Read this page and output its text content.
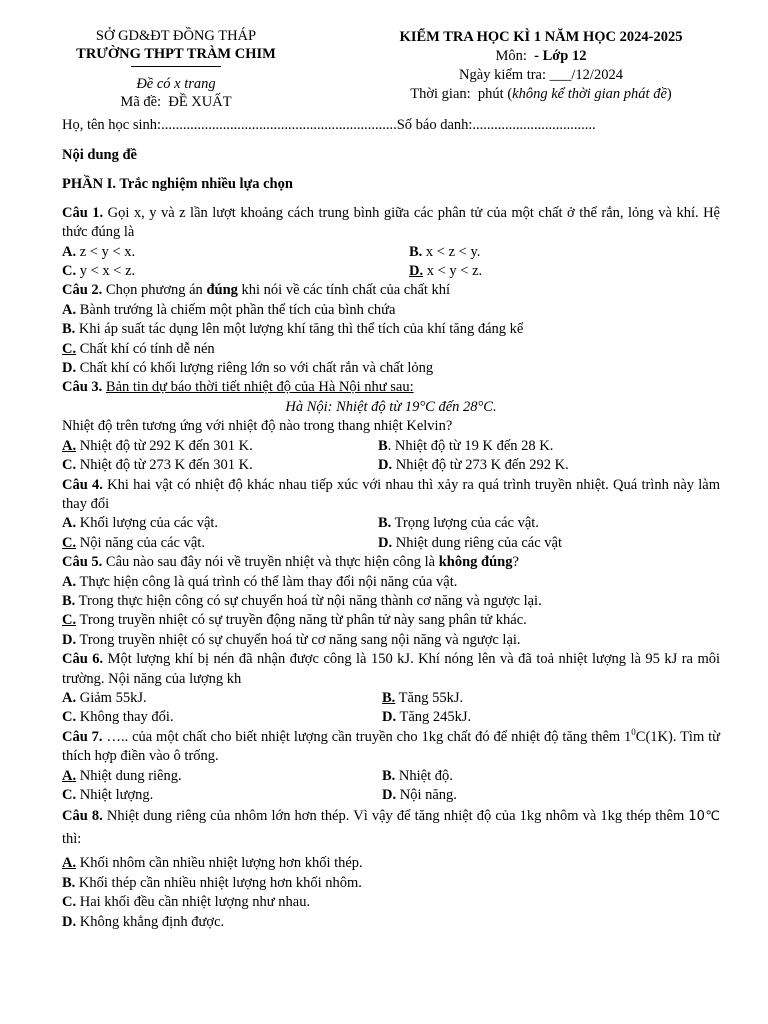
SỞ GD&ĐT ĐỒNG THÁP
TRƯỜNG THPT TRÀM CHIM
Đề có x trang
Mã đề: ĐỀ XUẤT
KIỂM TRA HỌC KÌ 1 NĂM HỌC 2024-2025
Môn: - Lớp 12
Ngày kiểm tra: ___/12/2024
Thời gian: phút (không kể thời gian phát đề)
Họ, tên học sinh:.................................................................Số báo danh:..................................

Nội dung đề

PHẦN I. Trắc nghiệm nhiều lựa chọn

Câu 1. Gọi x, y và z lần lượt khoảng cách trung bình giữa các phân tử của một chất ở thể rắn, lỏng và khí. Hệ thức đúng là

A. z < y < x.	B. x < z < y.
C. y < x < z.	D. x < y < z.

Câu 2. Chọn phương án đúng khi nói về các tính chất của chất khí

A. Bành trướng là chiếm một phần thể tích của bình chứa

B. Khi áp suất tác dụng lên một lượng khí tăng thì thể tích của khí tăng đáng kể

C. Chất khí có tính dễ nén

D. Chất khí có khối lượng riêng lớn so với chất rắn và chất lỏng

Câu 3. Bản tin dự báo thời tiết nhiệt độ của Hà Nội như sau:

Hà Nội: Nhiệt độ từ 19°C đến 28°C.

Nhiệt độ trên tương ứng với nhiệt độ nào trong thang nhiệt Kelvin?

A. Nhiệt độ từ 292 K đến 301 K.	B. Nhiệt độ từ 19 K đến 28 K.
C. Nhiệt độ từ 273 K đến 301 K.	D. Nhiệt độ từ 273 K đến 292 K.

Câu 4. Khi hai vật có nhiệt độ khác nhau tiếp xúc với nhau thì xảy ra quá trình truyền nhiệt. Quá trình này làm thay đổi

A. Khối lượng của các vật.	B. Trọng lượng của các vật.
C. Nội năng của các vật.	D. Nhiệt dung riêng của các vật

Câu 5. Câu nào sau đây nói về truyền nhiệt và thực hiện công là không đúng?

A. Thực hiện công là quá trình có thể làm thay đổi nội năng của vật.

B. Trong thực hiện công có sự chuyển hoá từ nội năng thành cơ năng và ngược lại.

C. Trong truyền nhiệt có sự truyền động năng từ phân tử này sang phân tử khác.

D. Trong truyền nhiệt có sự chuyển hoá từ cơ năng sang nội năng và ngược lại.

Câu 6. Một lượng khí bị nén đã nhận được công là 150 kJ. Khí nóng lên và đã toả nhiệt lượng là 95 kJ ra môi trường. Nội năng của lượng kh

A. Giảm 55kJ.	B. Tăng 55kJ.
C. Không thay đổi.	D. Tăng 245kJ.

Câu 7. ….. của một chất cho biết nhiệt lượng cần truyền cho 1kg chất đó để nhiệt độ tăng thêm $1^0C(1K)$. Tìm từ thích hợp điền vào ô trống.

A. Nhiệt dung riêng.	B. Nhiệt độ.
C. Nhiệt lượng.	D. Nội năng.

Câu 8. Nhiệt dung riêng của nhôm lớn hơn thép. Vì vậy để tăng nhiệt độ của 1kg nhôm và 1kg thép thêm 10℃ thì:

A. Khối nhôm cần nhiều nhiệt lượng hơn khối thép.

B. Khối thép cần nhiều nhiệt lượng hơn khối nhôm.

C. Hai khối đều cần nhiệt lượng như nhau.

D. Không khẳng định được.
